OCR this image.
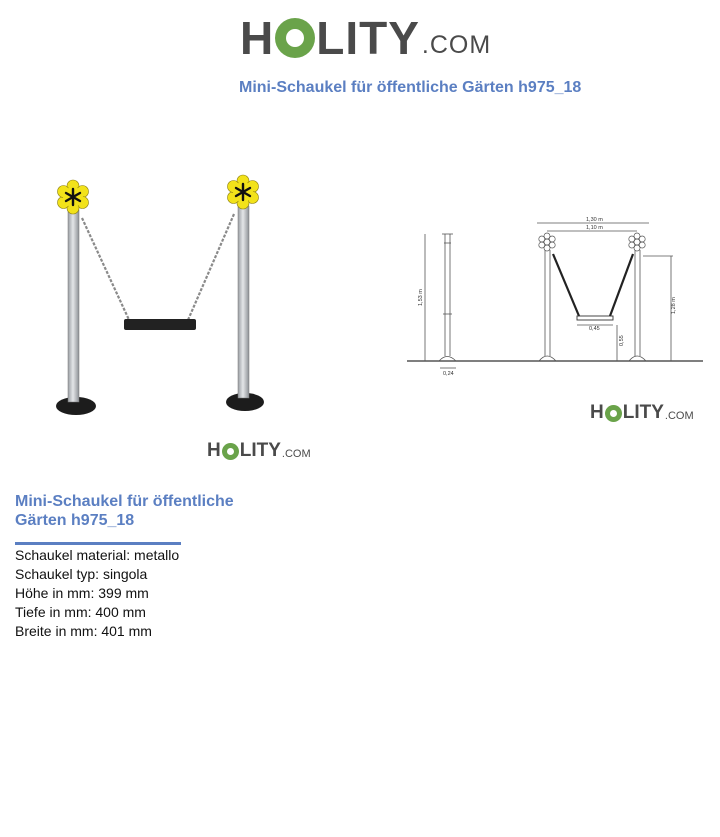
H LITY .COM
Mini-Schaukel für öffentliche Gärten h975_18
H LITY .COM
1,30 m
1,10 m
1,53 m	1,28 m
0,45
0,55
0,24
H LITY .COM
Mini-Schaukel für öffentliche Gärten h975_18
Schaukel material: metallo
Schaukel typ: singola
Höhe in mm: 399 mm
Tiefe in mm: 400 mm
Breite in mm: 401 mm
